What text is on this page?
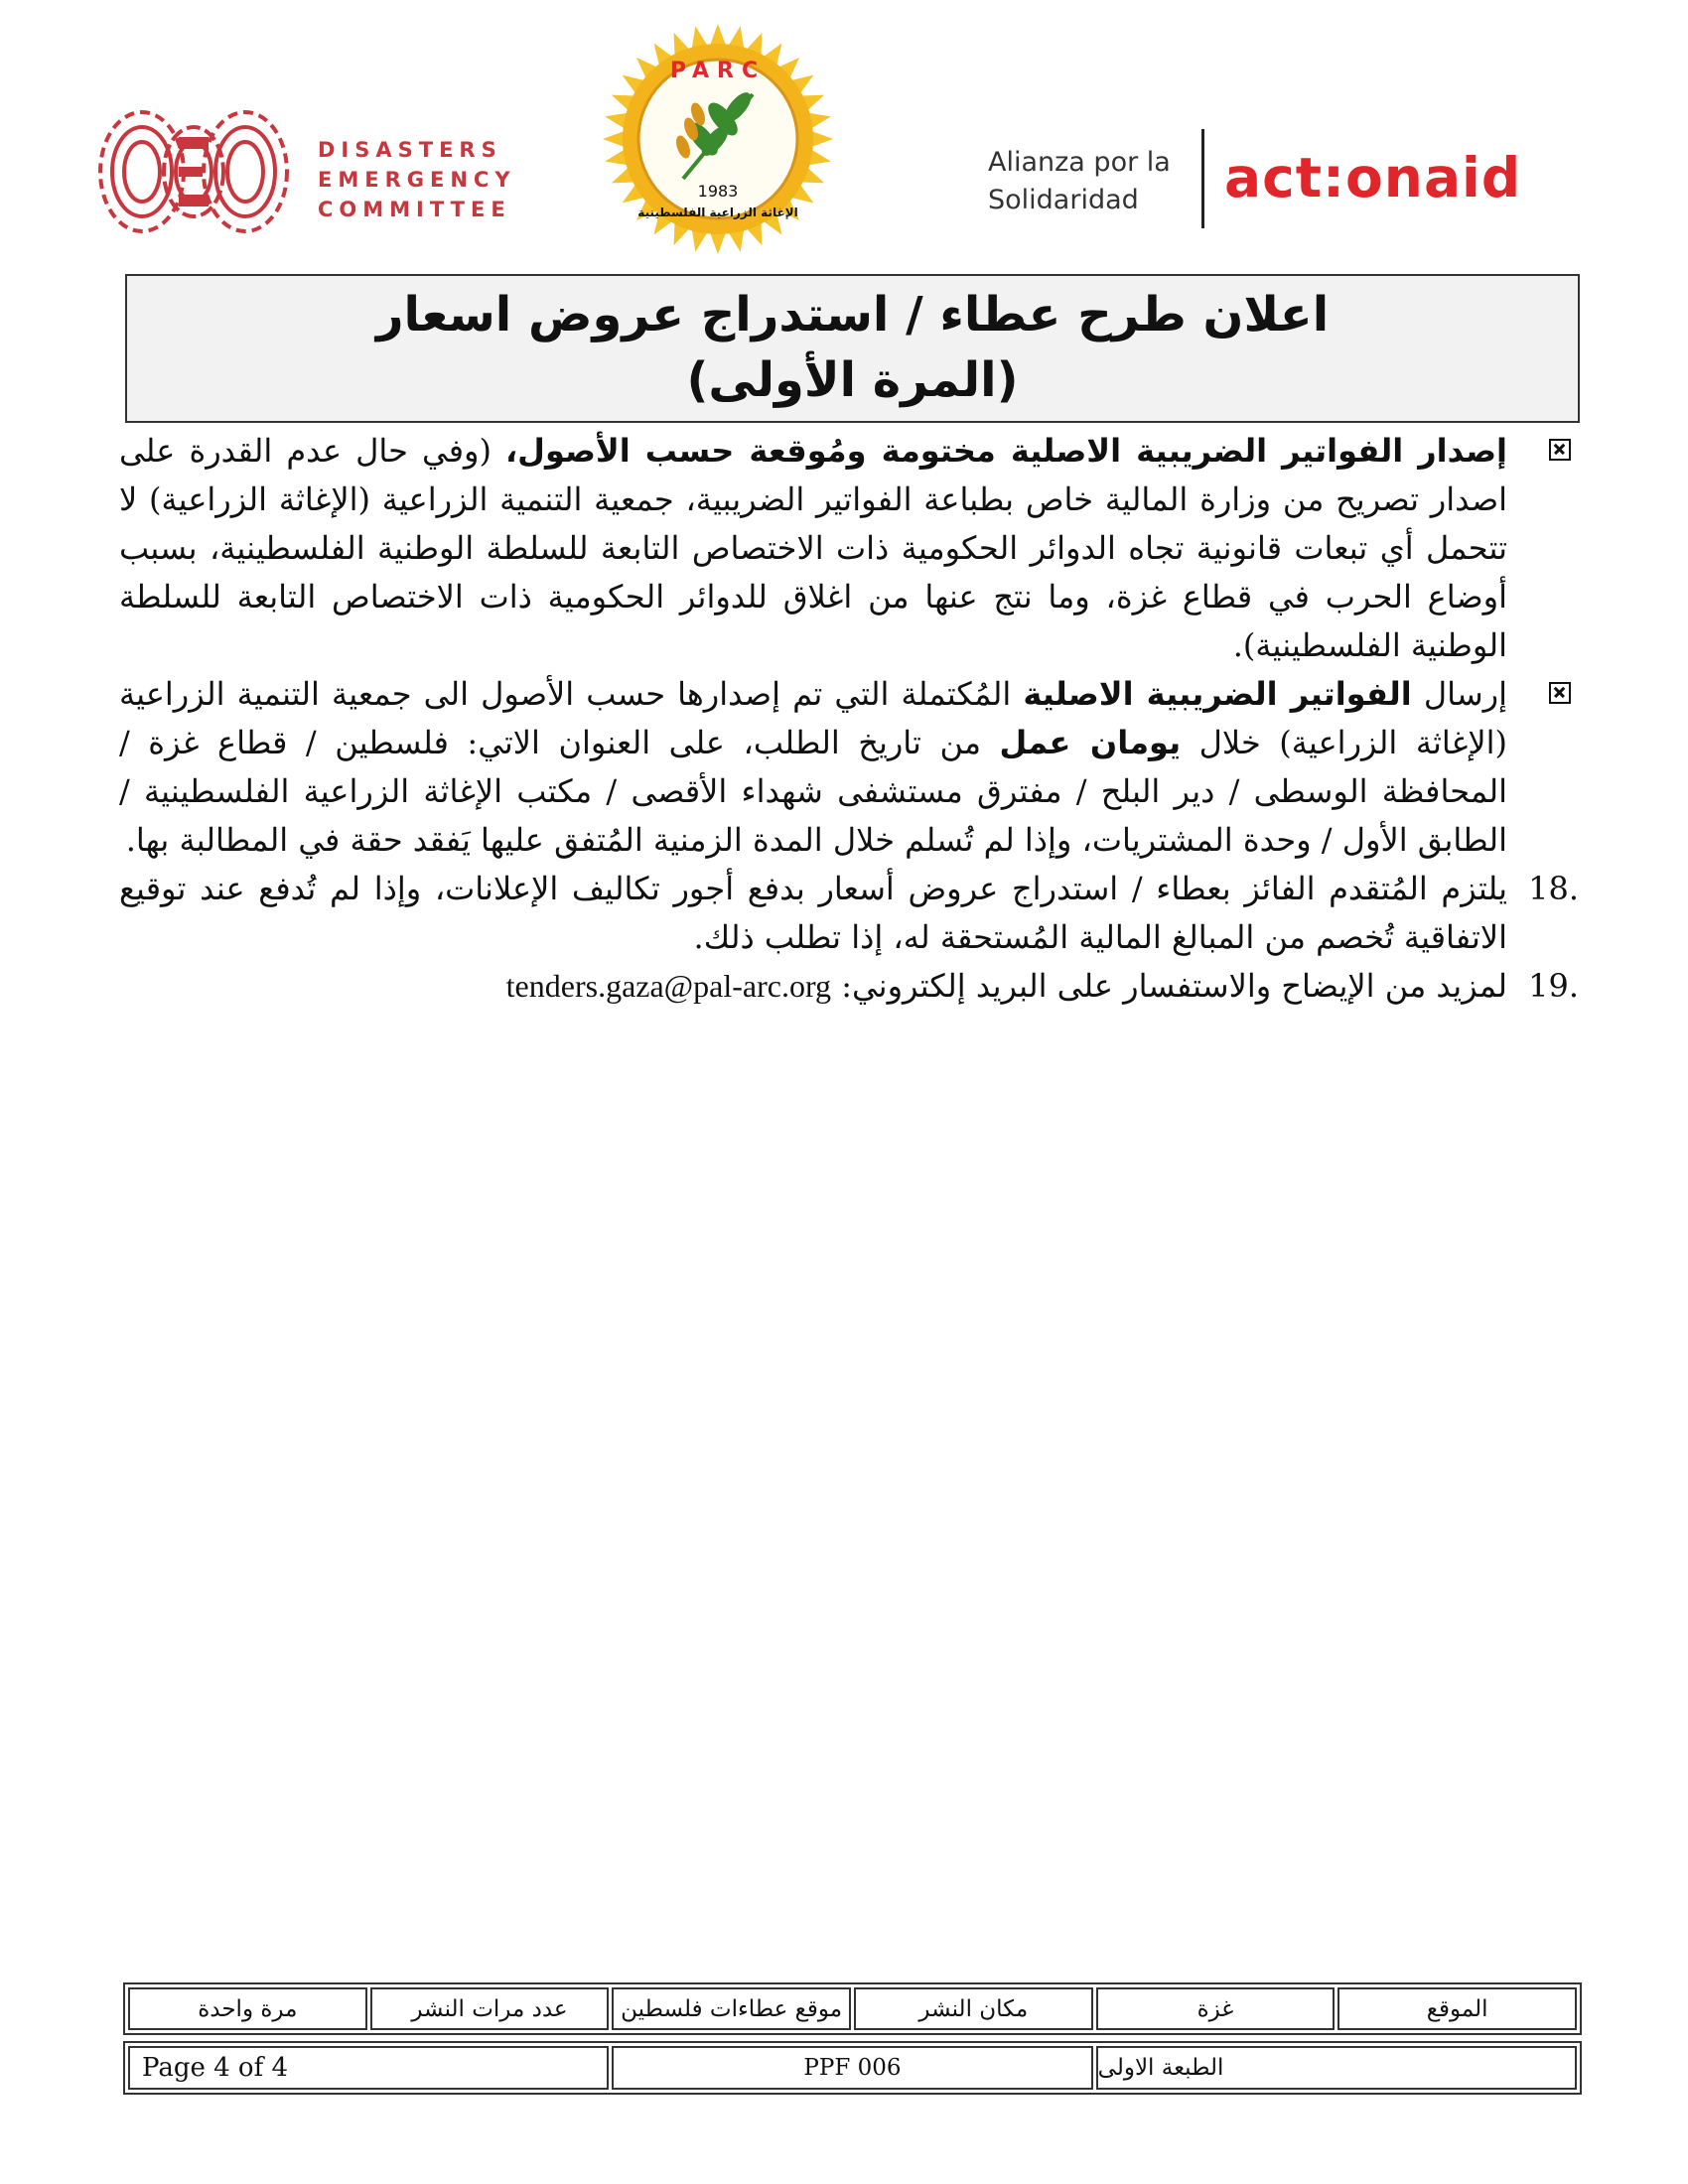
DISASTERS
EMERGENCY
COMMITTEE
PARC
1983
الإغاثة الزراعية الفلسطينية
Alianza por la
Solidaridad	act:onaid
اعلان طرح عطاء / استدراج عروض اسعار
(المرة الأولى)
إصدار الفواتير الضريبية الاصلية مختومة ومُوقعة حسب الأصول، (وفي حال عدم القدرة على اصدار تصريح من وزارة المالية خاص بطباعة الفواتير الضريبية، جمعية التنمية الزراعية (الإغاثة الزراعية) لا تتحمل أي تبعات قانونية تجاه الدوائر الحكومية ذات الاختصاص التابعة للسلطة الوطنية الفلسطينية، بسبب أوضاع الحرب في قطاع غزة، وما نتج عنها من اغلاق للدوائر الحكومية ذات الاختصاص التابعة للسلطة الوطنية الفلسطينية).
إرسال الفواتير الضريبية الاصلية المُكتملة التي تم إصدارها حسب الأصول الى جمعية التنمية الزراعية (الإغاثة الزراعية) خلال يومان عمل من تاريخ الطلب، على العنوان الاتي: فلسطين / قطاع غزة / المحافظة الوسطى / دير البلح / مفترق مستشفى شهداء الأقصى / مكتب الإغاثة الزراعية الفلسطينية / الطابق الأول / وحدة المشتريات، وإذا لم تُسلم خلال المدة الزمنية المُتفق عليها يَفقد حقة في المطالبة بها.
.18
يلتزم المُتقدم الفائز بعطاء / استدراج عروض أسعار بدفع أجور تكاليف الإعلانات، وإذا لم تُدفع عند توقيع الاتفاقية تُخصم من المبالغ المالية المُستحقة له، إذا تطلب ذلك.
.19
لمزيد من الإيضاح والاستفسار على البريد إلكتروني: tenders.gaza@pal-arc.org
مرة واحدة	عدد مرات النشر	موقع عطاءات فلسطين	مكان النشر	غزة	الموقع
Page 4 of 4	PPF 006	الطبعة الاولى
